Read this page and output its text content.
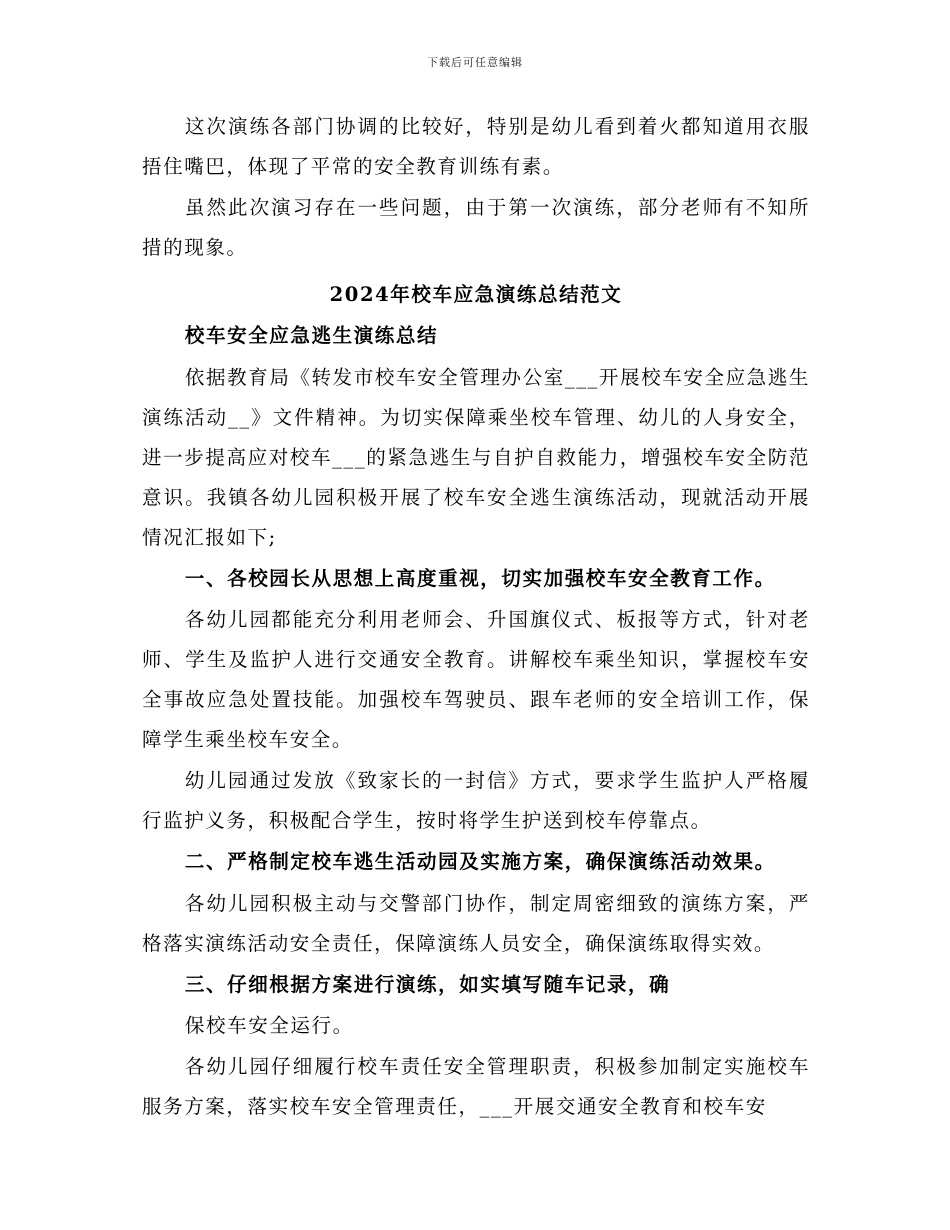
下载后可任意编辑

这次演练各部门协调的比较好，特别是幼儿看到着火都知道用衣服捂住嘴巴，体现了平常的安全教育训练有素。

虽然此次演习存在一些问题，由于第一次演练，部分老师有不知所措的现象。

2024年校车应急演练总结范文

校车安全应急逃生演练总结

依据教育局《转发市校车安全管理办公室___开展校车安全应急逃生演练活动__》文件精神。为切实保障乘坐校车管理、幼儿的人身安全，进一步提高应对校车___的紧急逃生与自护自救能力，增强校车安全防范意识。我镇各幼儿园积极开展了校车安全逃生演练活动，现就活动开展情况汇报如下;

一、各校园长从思想上高度重视，切实加强校车安全教育工作。

各幼儿园都能充分利用老师会、升国旗仪式、板报等方式，针对老师、学生及监护人进行交通安全教育。讲解校车乘坐知识，掌握校车安全事故应急处置技能。加强校车驾驶员、跟车老师的安全培训工作，保障学生乘坐校车安全。

幼儿园通过发放《致家长的一封信》方式，要求学生监护人严格履行监护义务，积极配合学生，按时将学生护送到校车停靠点。

二、严格制定校车逃生活动园及实施方案，确保演练活动效果。

各幼儿园积极主动与交警部门协作，制定周密细致的演练方案，严格落实演练活动安全责任，保障演练人员安全，确保演练取得实效。

三、仔细根据方案进行演练，如实填写随车记录，确

保校车安全运行。

各幼儿园仔细履行校车责任安全管理职责，积极参加制定实施校车服务方案，落实校车安全管理责任，___开展交通安全教育和校车安
